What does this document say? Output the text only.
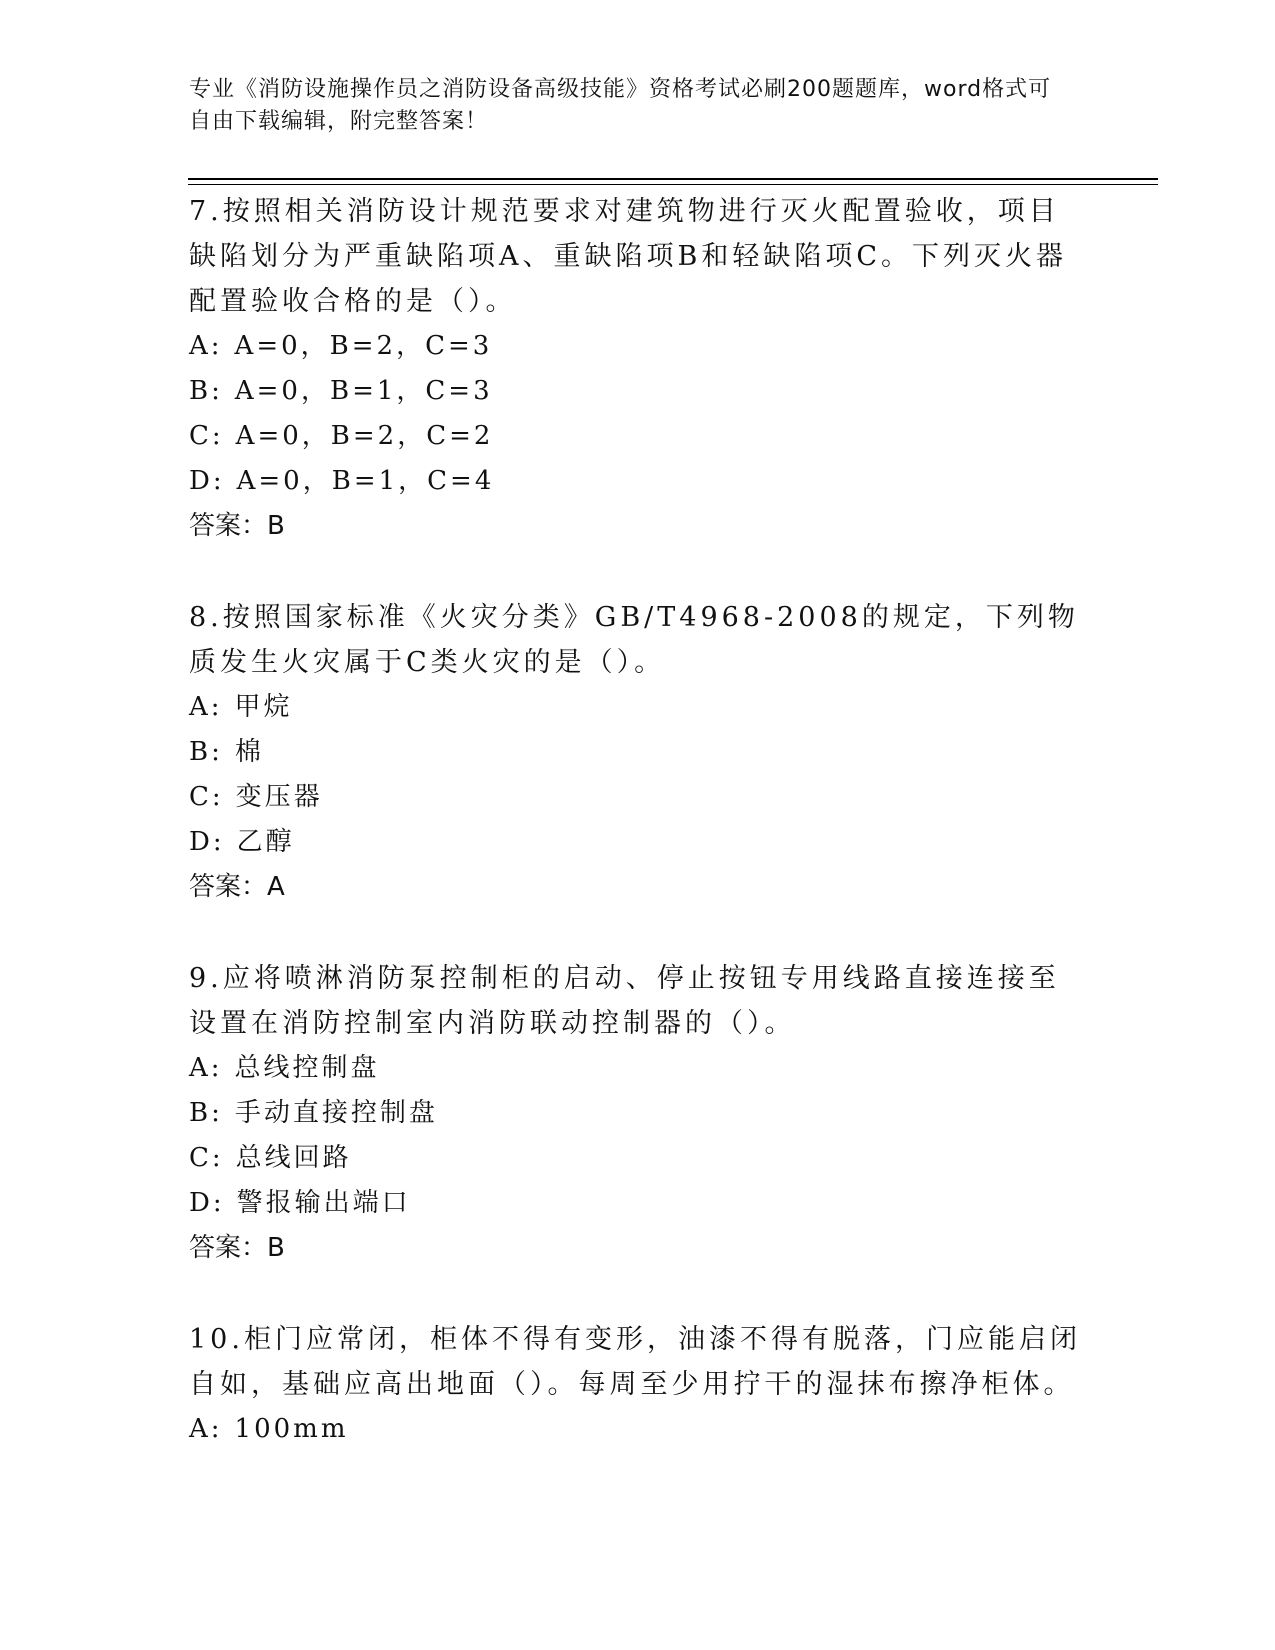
专业《消防设施操作员之消防设备高级技能》资格考试必刷200题题库，word格式可自由下载编辑，附完整答案！
7.按照相关消防设计规范要求对建筑物进行灭火配置验收，项目缺陷划分为严重缺陷项A、重缺陷项B和轻缺陷项C。下列灭火器配置验收合格的是（）。
A: A=0，B=2，C=3
B: A=0，B=1，C=3
C: A=0，B=2，C=2
D: A=0，B=1，C=4
答案：B
8.按照国家标准《火灾分类》GB/T4968-2008的规定，下列物质发生火灾属于C类火灾的是（）。
A: 甲烷
B: 棉
C: 变压器
D: 乙醇
答案：A
9.应将喷淋消防泵控制柜的启动、停止按钮专用线路直接连接至设置在消防控制室内消防联动控制器的（）。
A: 总线控制盘
B: 手动直接控制盘
C: 总线回路
D: 警报输出端口
答案：B
10.柜门应常闭，柜体不得有变形，油漆不得有脱落，门应能启闭自如，基础应高出地面（）。每周至少用拧干的湿抹布擦净柜体。
A: 100mm
